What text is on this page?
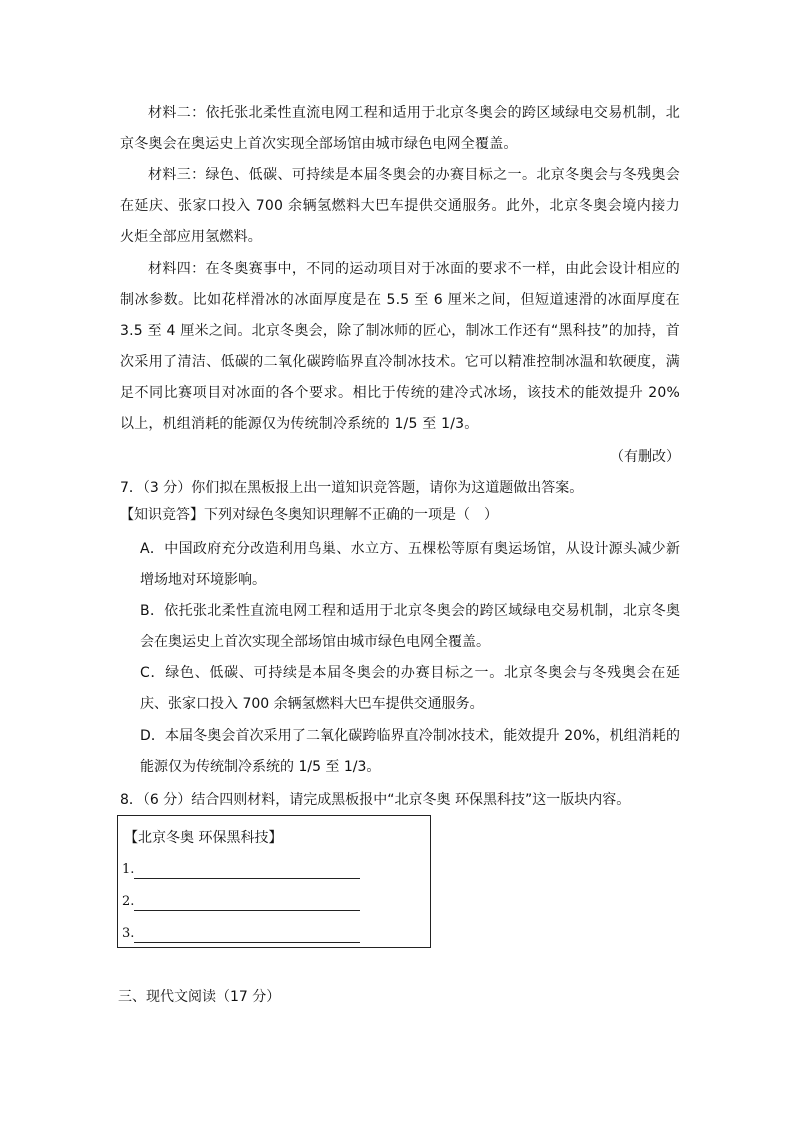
材料二：依托张北柔性直流电网工程和适用于北京冬奥会的跨区域绿电交易机制，北京冬奥会在奥运史上首次实现全部场馆由城市绿色电网全覆盖。

材料三：绿色、低碳、可持续是本届冬奥会的办赛目标之一。北京冬奥会与冬残奥会在延庆、张家口投入 700 余辆氢燃料大巴车提供交通服务。此外，北京冬奥会境内接力火炬全部应用氢燃料。

材料四：在冬奥赛事中，不同的运动项目对于冰面的要求不一样，由此会设计相应的制冰参数。比如花样滑冰的冰面厚度是在 5.5 至 6 厘米之间，但短道速滑的冰面厚度在 3.5 至 4 厘米之间。北京冬奥会，除了制冰师的匠心，制冰工作还有“黑科技”的加持，首次采用了清洁、低碳的二氧化碳跨临界直冷制冰技术。它可以精准控制冰温和软硬度，满足不同比赛项目对冰面的各个要求。相比于传统的建冷式冰场，该技术的能效提升 20%以上，机组消耗的能源仅为传统制冷系统的 1/5 至 1/3。

（有删改）

7．（3 分）你们拟在黑板报上出一道知识竞答题，请你为这道题做出答案。

【知识竞答】下列对绿色冬奥知识理解不正确的一项是（　）

A．中国政府充分改造利用鸟巢、水立方、五棵松等原有奥运场馆，从设计源头减少新增场地对环境影响。

B．依托张北柔性直流电网工程和适用于北京冬奥会的跨区域绿电交易机制，北京冬奥会在奥运史上首次实现全部场馆由城市绿色电网全覆盖。

C．绿色、低碳、可持续是本届冬奥会的办赛目标之一。北京冬奥会与冬残奥会在延庆、张家口投入 700 余辆氢燃料大巴车提供交通服务。

D．本届冬奥会首次采用了二氧化碳跨临界直冷制冰技术，能效提升 20%，机组消耗的能源仅为传统制冷系统的 1/5 至 1/3。

8．（6 分）结合四则材料，请完成黑板报中“北京冬奥 环保黑科技”这一版块内容。

【北京冬奥 环保黑科技】

1.
2.
3.

三、现代文阅读（17 分）
